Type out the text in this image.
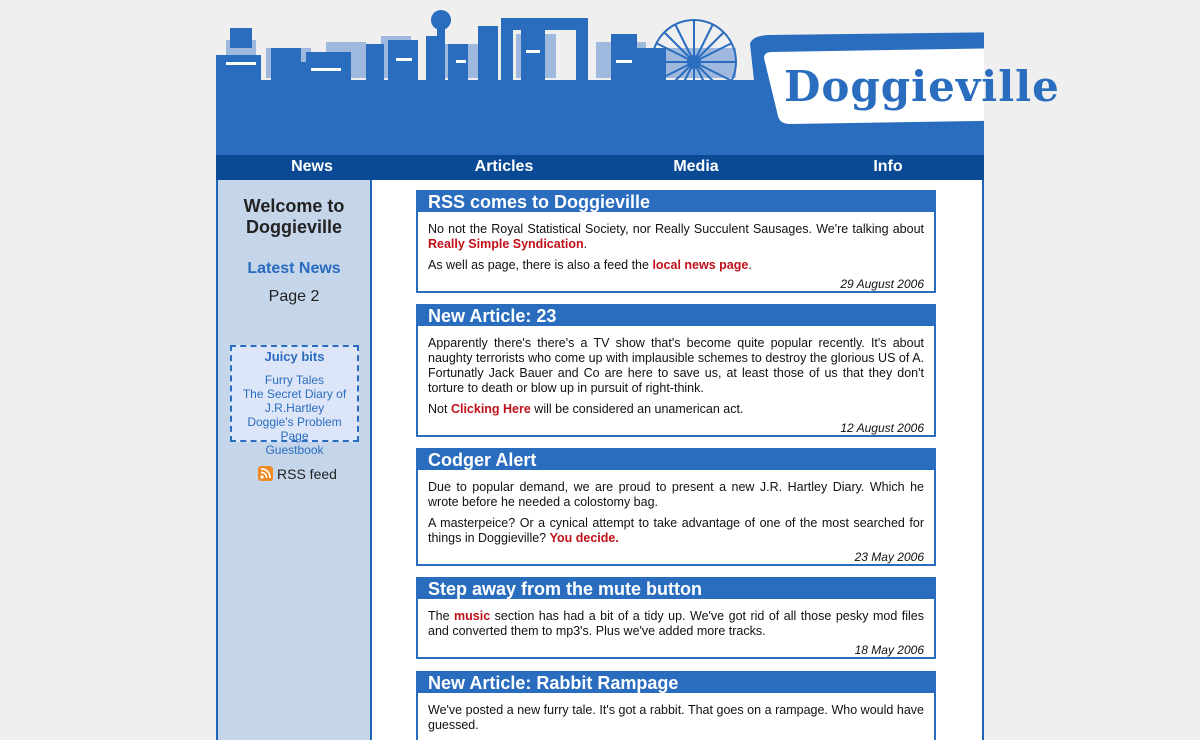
Doggieville
News	Articles	Media	Info
Welcome to Doggieville
Latest News
Page 2
Juicy bits
Furry Tales
The Secret Diary of J.R.Hartley
Doggie's Problem Page
Guestbook
RSS feed
RSS comes to Doggieville

No not the Royal Statistical Society, nor Really Succulent Sausages. We're talking about Really Simple Syndication.

As well as page, there is also a feed the local news page.

29 August 2006
New Article: 23

Apparently there's there's a TV show that's become quite popular recently. It's about naughty terrorists who come up with implausible schemes to destroy the glorious US of A. Fortunatly Jack Bauer and Co are here to save us, at least those of us that they don't torture to death or blow up in pursuit of right-think.

Not Clicking Here will be considered an unamerican act.

12 August 2006
Codger Alert

Due to popular demand, we are proud to present a new J.R. Hartley Diary. Which he wrote before he needed a colostomy bag.

A masterpeice? Or a cynical attempt to take advantage of one of the most searched for things in Doggieville? You decide.

23 May 2006
Step away from the mute button

The music section has had a bit of a tidy up. We've got rid of all those pesky mod files and converted them to mp3's. Plus we've added more tracks.

18 May 2006
New Article: Rabbit Rampage

We've posted a new furry tale. It's got a rabbit. That goes on a rampage. Who would have guessed.
